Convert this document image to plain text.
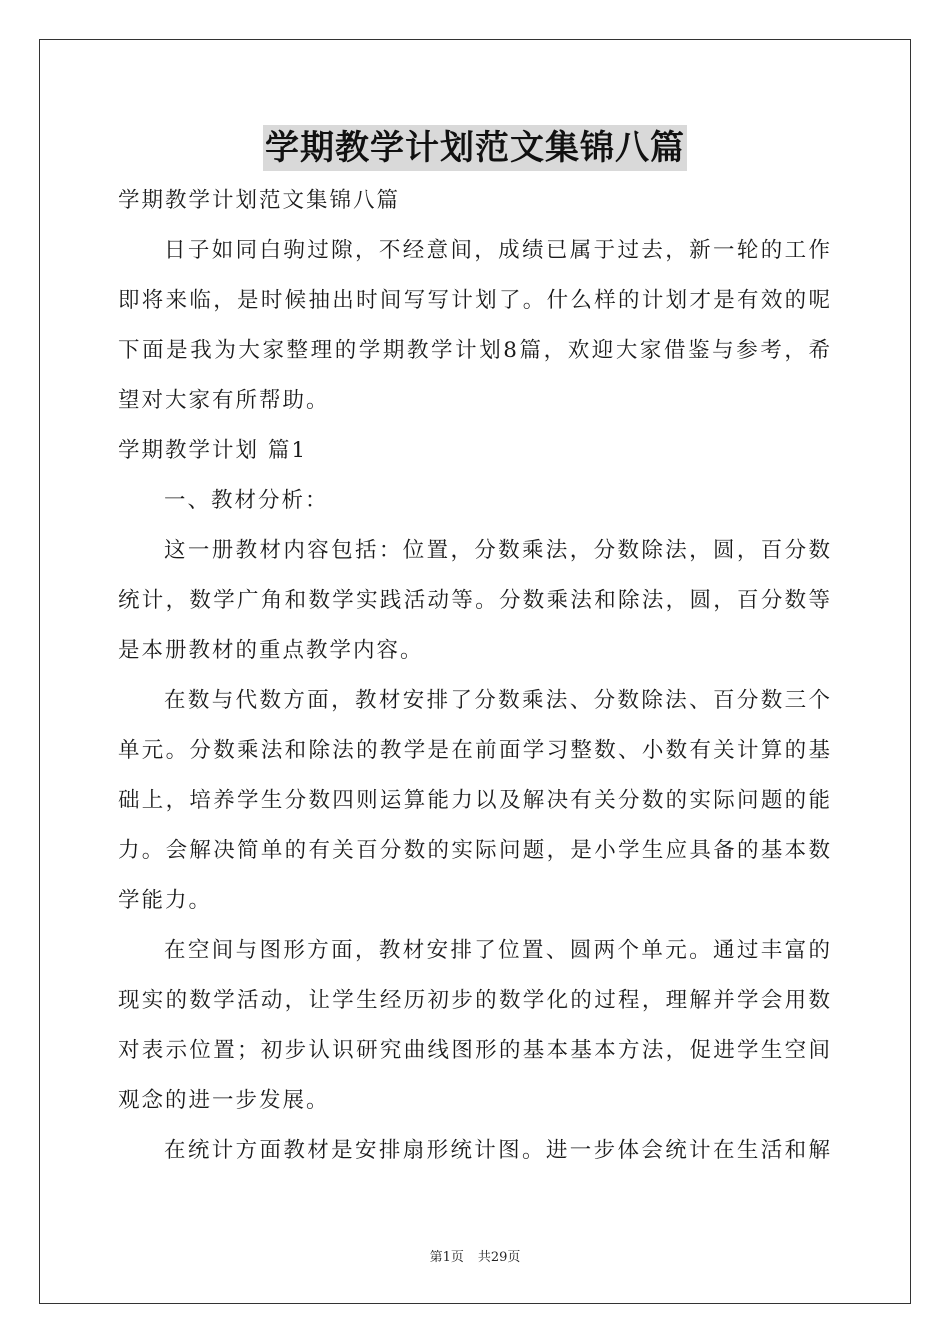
学期教学计划范文集锦八篇
学期教学计划范文集锦八篇
日子如同白驹过隙，不经意间，成绩已属于过去，新一轮的工作
即将来临，是时候抽出时间写写计划了。什么样的计划才是有效的呢
下面是我为大家整理的学期教学计划8篇，欢迎大家借鉴与参考，希
望对大家有所帮助。
学期教学计划 篇1
一、教材分析：
这一册教材内容包括：位置，分数乘法，分数除法，圆，百分数
统计，数学广角和数学实践活动等。分数乘法和除法，圆，百分数等
是本册教材的重点教学内容。
在数与代数方面，教材安排了分数乘法、分数除法、百分数三个
单元。分数乘法和除法的教学是在前面学习整数、小数有关计算的基
础上，培养学生分数四则运算能力以及解决有关分数的实际问题的能
力。会解决简单的有关百分数的实际问题，是小学生应具备的基本数
学能力。
在空间与图形方面，教材安排了位置、圆两个单元。通过丰富的
现实的数学活动，让学生经历初步的数学化的过程，理解并学会用数
对表示位置；初步认识研究曲线图形的基本基本方法，促进学生空间
观念的进一步发展。
在统计方面教材是安排扇形统计图。进一步体会统计在生活和解
第1页 共29页
